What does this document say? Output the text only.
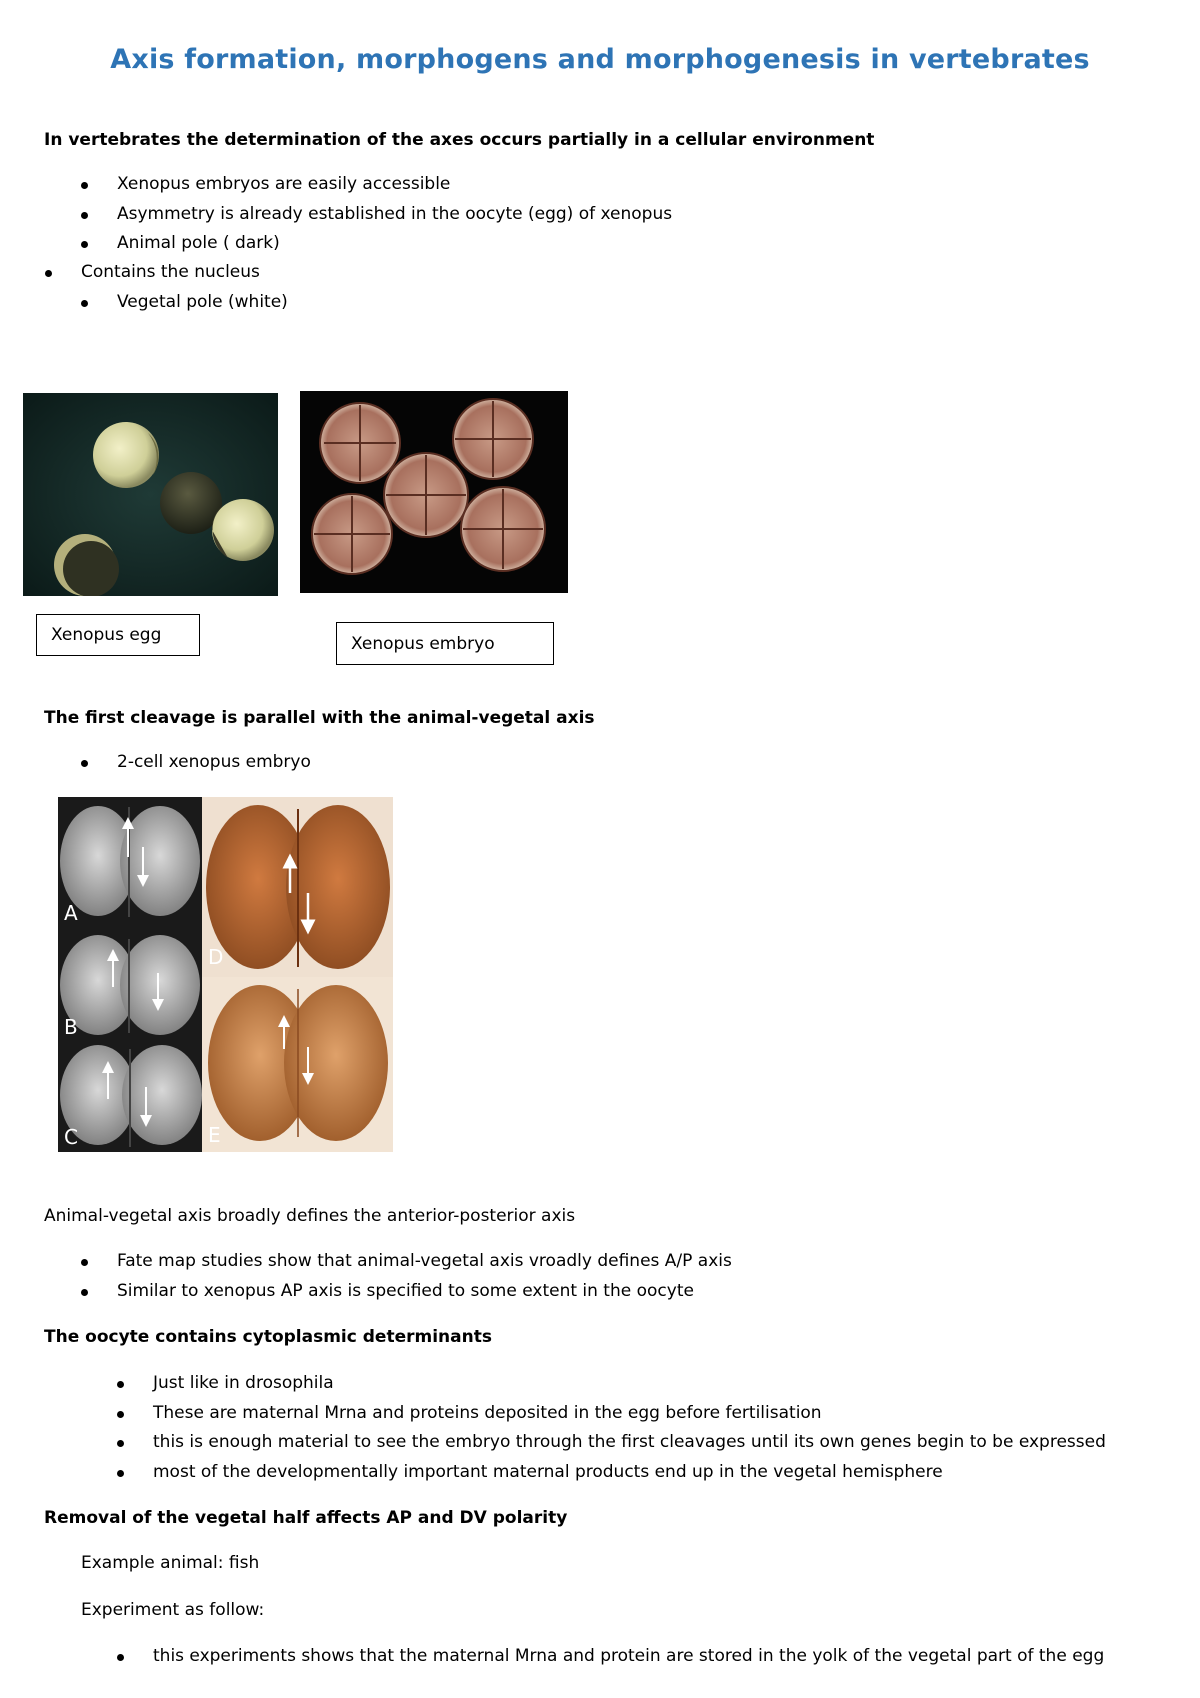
Axis formation, morphogens and morphogenesis in vertebrates
In vertebrates the determination of the axes occurs partially in a cellular environment
Xenopus embryos are easily accessible
Asymmetry is already established in the oocyte (egg) of xenopus
Animal pole ( dark)
Contains the nucleus
Vegetal pole (white)
Xenopus egg	Xenopus embryo
The first cleavage is parallel with the animal-vegetal axis
2-cell xenopus embryo
A
B
C
D
E
Animal-vegetal axis broadly defines the anterior-posterior axis
Fate map studies show that animal-vegetal axis vroadly defines A/P axis
Similar to xenopus AP axis is specified to some extent in the oocyte
The oocyte contains cytoplasmic determinants
Just like in drosophila
These are maternal Mrna and proteins deposited in the egg before fertilisation
this is enough material to see the embryo through the first cleavages until its own genes begin to be expressed
most of the developmentally important maternal products end up in the vegetal hemisphere
Removal of the vegetal half affects AP and DV polarity
Example animal: fish
Experiment as follow:
this experiments shows that the maternal Mrna and protein are stored in the yolk of the vegetal part of the egg
